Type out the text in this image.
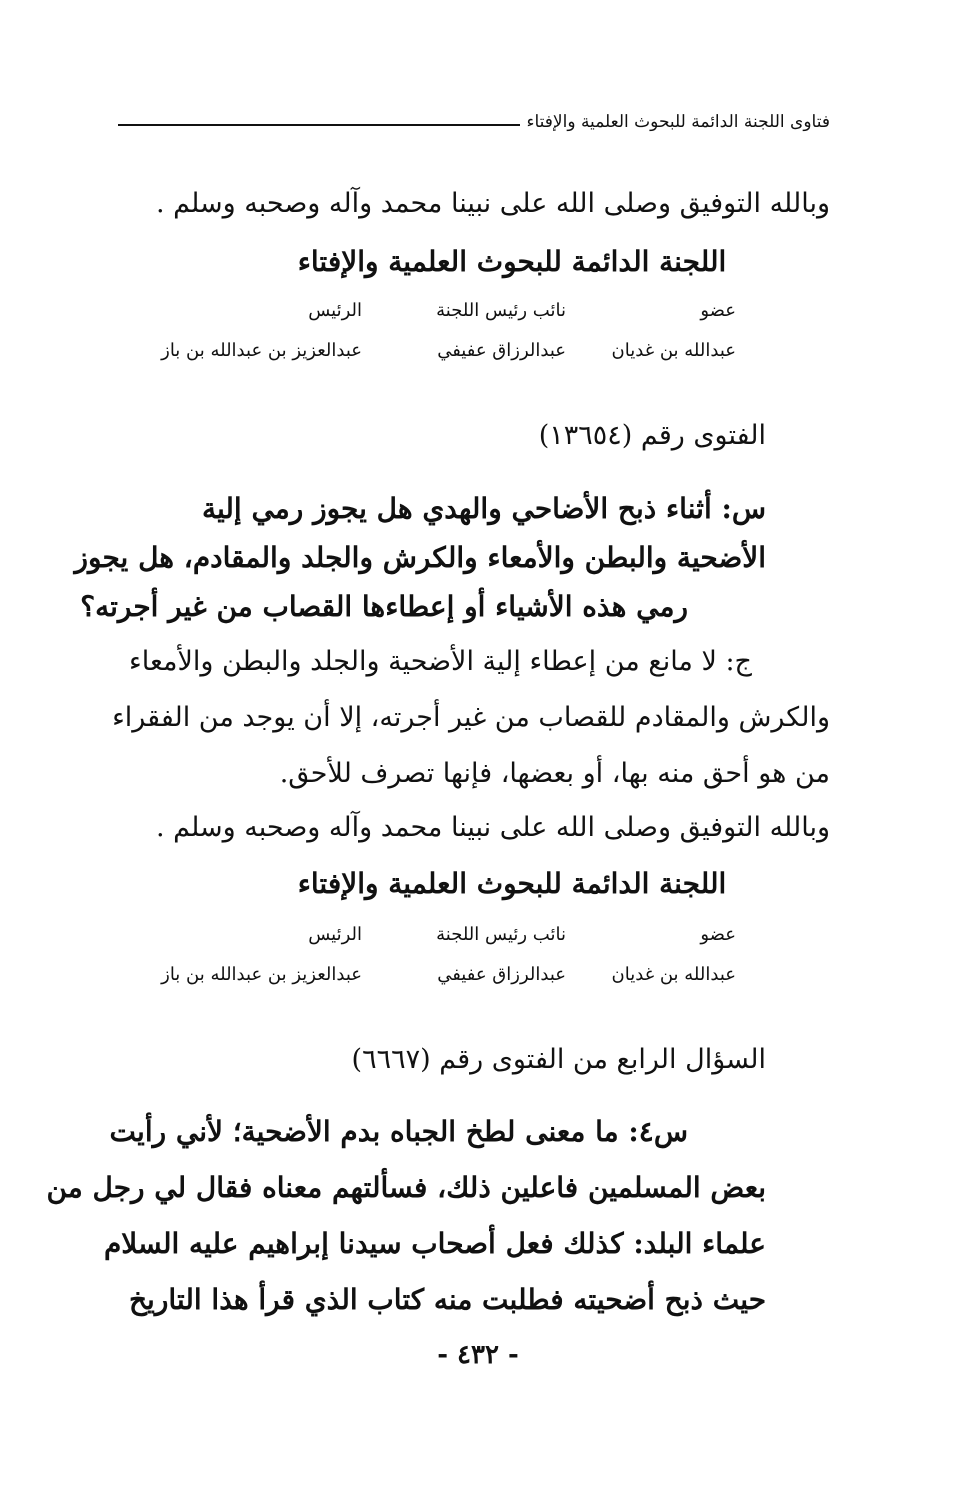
فتاوى اللجنة الدائمة للبحوث العلمية والإفتاء
وبالله التوفيق وصلى الله على نبينا محمد وآله وصحبه وسلم .
اللجنة الدائمة للبحوث العلمية والإفتاء
عضو
نائب رئيس اللجنة
الرئيس
عبدالله بن غديان
عبدالرزاق عفيفي
عبدالعزيز بن عبدالله بن باز
الفتوى رقم (١٣٦٥٤)
س: أثناء ذبح الأضاحي والهدي هل يجوز رمي إلية
الأضحية والبطن والأمعاء والكرش والجلد والمقادم، هل يجوز
رمي هذه الأشياء أو إعطاءها القصاب من غير أجرته؟

ج: لا مانع من إعطاء إلية الأضحية والجلد والبطن والأمعاء

والكرش والمقادم للقصاب من غير أجرته، إلا أن يوجد من الفقراء

من هو أحق منه بها، أو بعضها، فإنها تصرف للأحق.

وبالله التوفيق وصلى الله على نبينا محمد وآله وصحبه وسلم .
اللجنة الدائمة للبحوث العلمية والإفتاء
عضو
نائب رئيس اللجنة
الرئيس
عبدالله بن غديان
عبدالرزاق عفيفي
عبدالعزيز بن عبدالله بن باز
السؤال الرابع من الفتوى رقم (٦٦٦٧)
س٤: ما معنى لطخ الجباه بدم الأضحية؛ لأني رأيت
بعض المسلمين فاعلين ذلك، فسألتهم معناه فقال لي رجل من
علماء البلد: كذلك فعل أصحاب سيدنا إبراهيم عليه السلام
حيث ذبح أضحيته فطلبت منه كتاب الذي قرأ هذا التاريخ
- ٤٣٢ -
